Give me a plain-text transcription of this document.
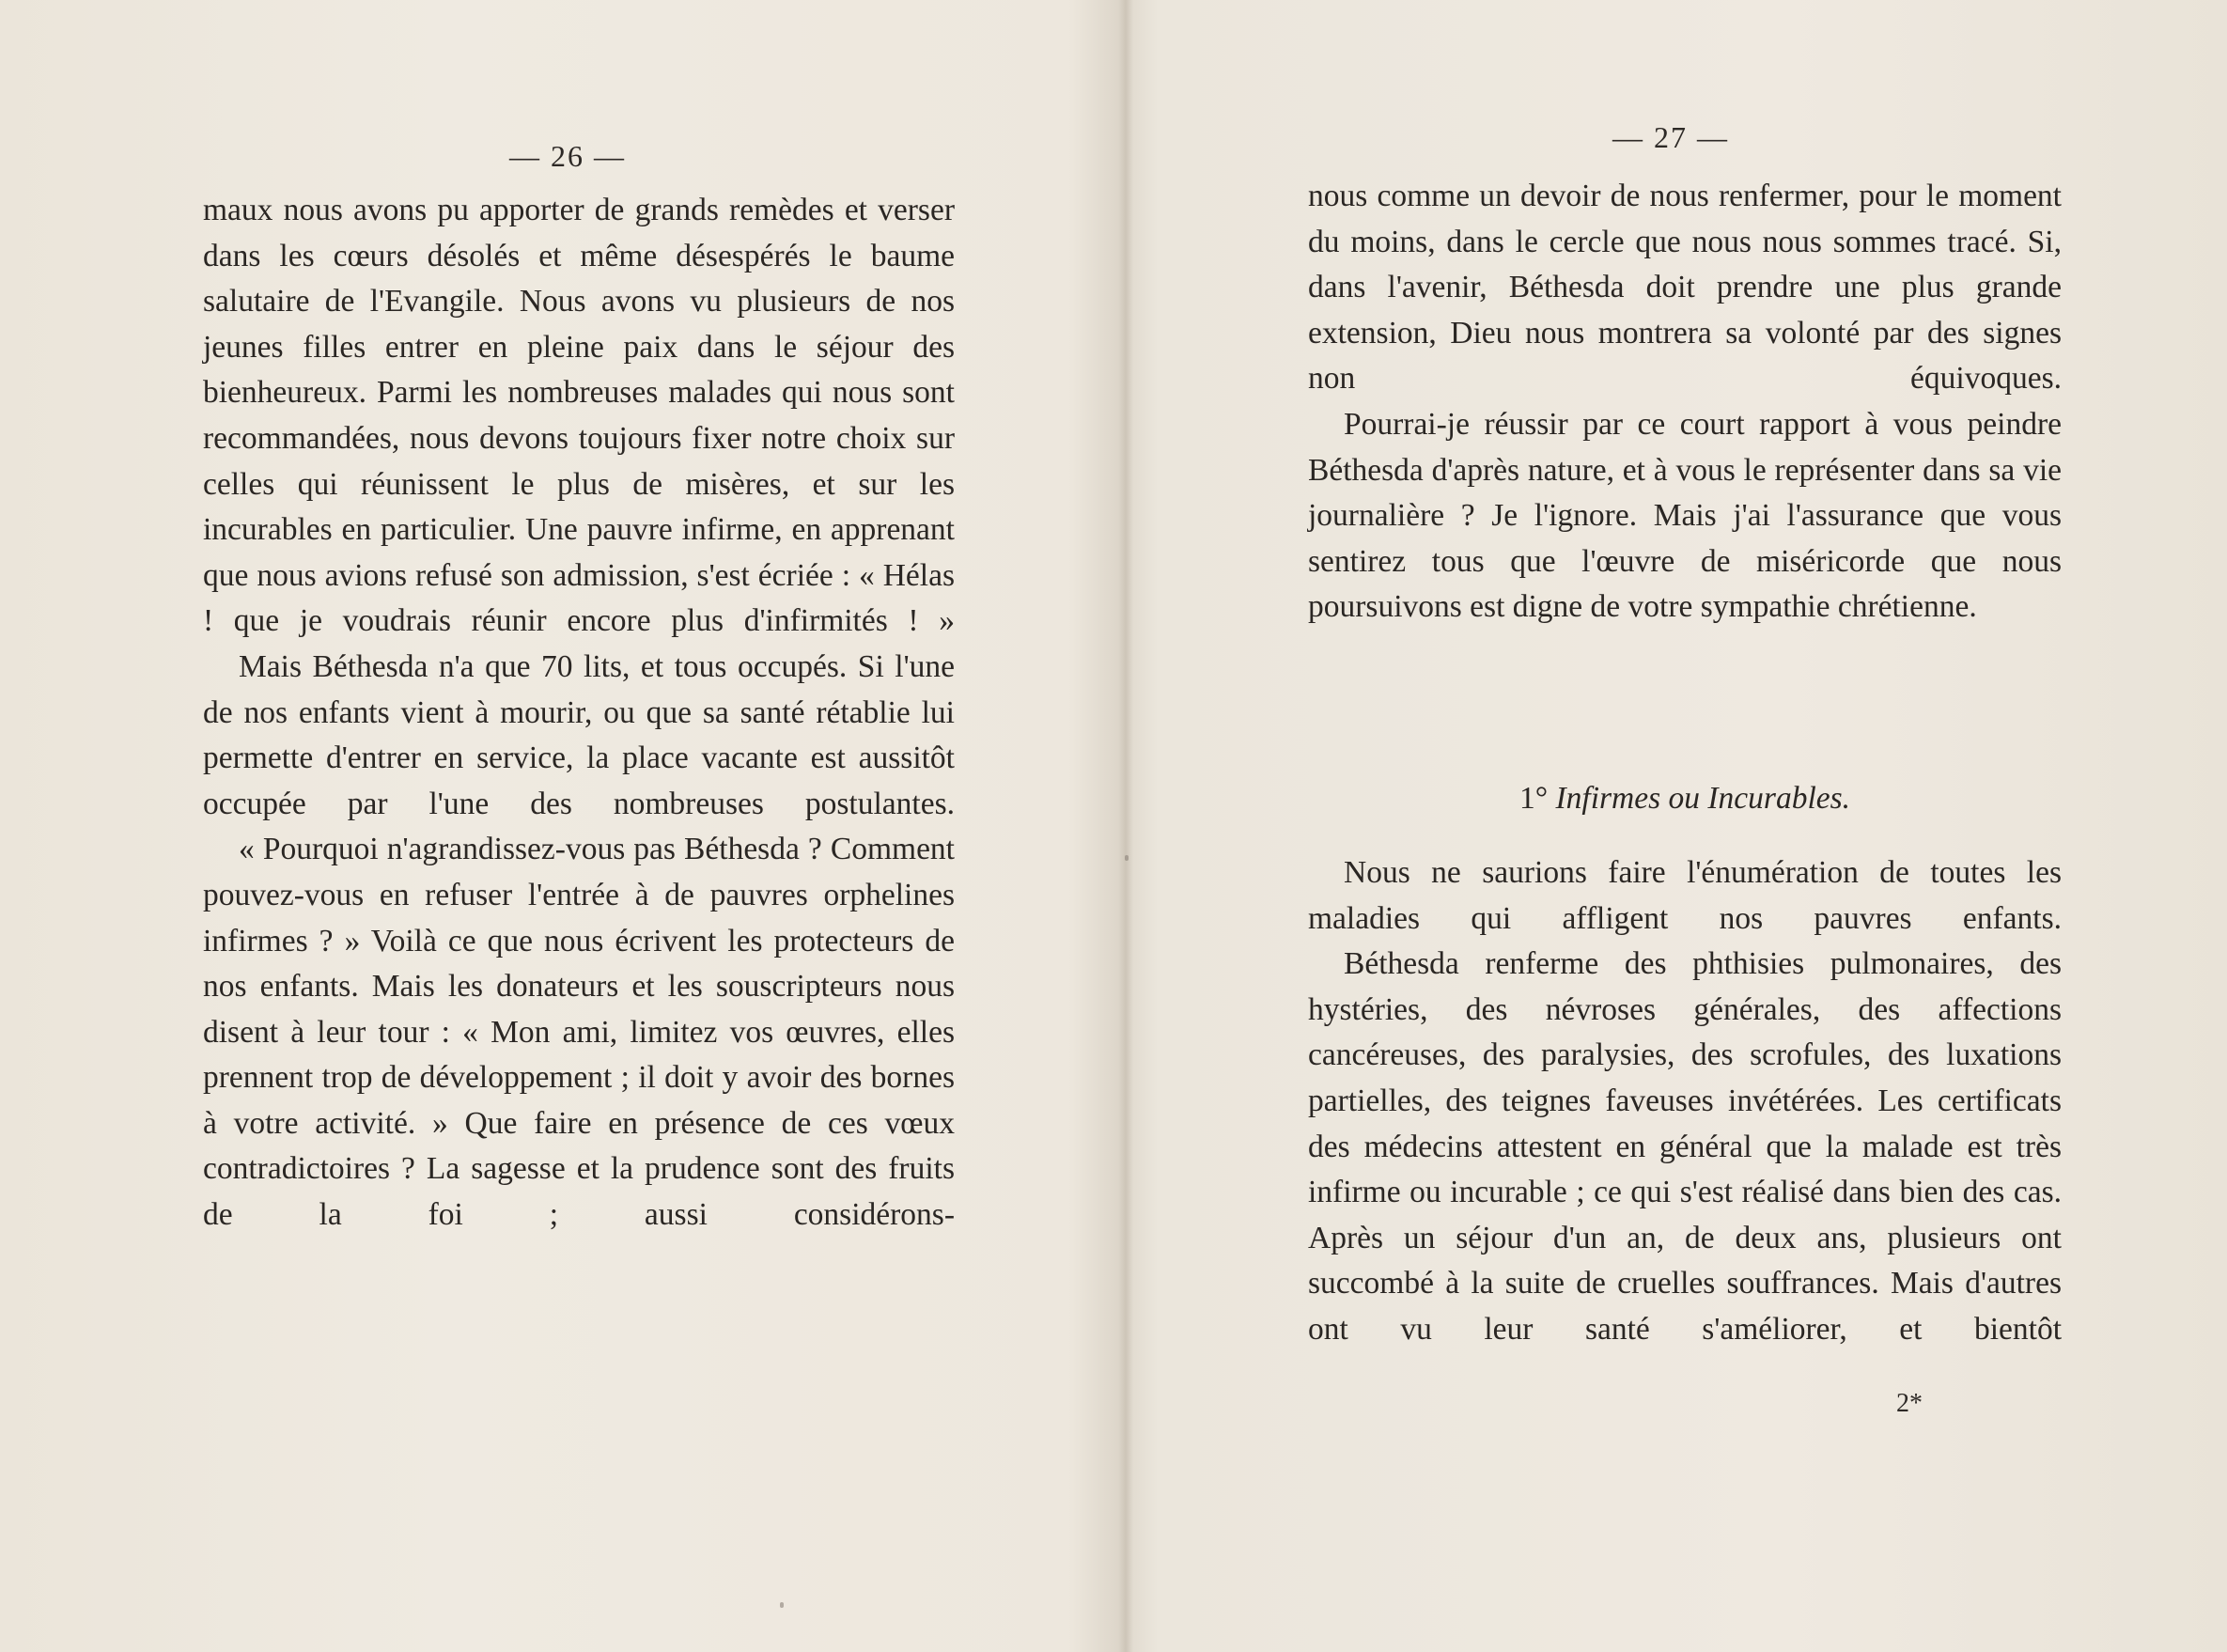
— 26 —

maux nous avons pu apporter de grands remèdes et verser dans les cœurs désolés et même désespérés le baume salutaire de l'Evangile. Nous avons vu plusieurs de nos jeunes filles entrer en pleine paix dans le séjour des bienheureux. Parmi les nombreuses malades qui nous sont recommandées, nous devons toujours fixer notre choix sur celles qui réunissent le plus de misères, et sur les incurables en particulier. Une pauvre infirme, en apprenant que nous avions refusé son admission, s'est écriée : « Hélas ! que je voudrais réunir encore plus d'infirmités ! »

Mais Béthesda n'a que 70 lits, et tous occupés. Si l'une de nos enfants vient à mourir, ou que sa santé rétablie lui permette d'entrer en service, la place vacante est aussitôt occupée par l'une des nombreuses postulantes.

« Pourquoi n'agrandissez-vous pas Béthesda ? Comment pouvez-vous en refuser l'entrée à de pauvres orphelines infirmes ? » Voilà ce que nous écrivent les protecteurs de nos enfants. Mais les donateurs et les souscripteurs nous disent à leur tour : « Mon ami, limitez vos œuvres, elles prennent trop de développement ; il doit y avoir des bornes à votre activité. » Que faire en présence de ces vœux contradictoires ? La sagesse et la prudence sont des fruits de la foi ; aussi considérons-

— 27 —

nous comme un devoir de nous renfermer, pour le moment du moins, dans le cercle que nous nous sommes tracé. Si, dans l'avenir, Béthesda doit prendre une plus grande extension, Dieu nous montrera sa volonté par des signes non équivoques.

Pourrai-je réussir par ce court rapport à vous peindre Béthesda d'après nature, et à vous le représenter dans sa vie journalière ? Je l'ignore. Mais j'ai l'assurance que vous sentirez tous que l'œuvre de miséricorde que nous poursuivons est digne de votre sympathie chrétienne.

1° Infirmes ou Incurables.

Nous ne saurions faire l'énumération de toutes les maladies qui affligent nos pauvres enfants.

Béthesda renferme des phthisies pulmonaires, des hystéries, des névroses générales, des affections cancéreuses, des paralysies, des scrofules, des luxations partielles, des teignes faveuses invétérées. Les certificats des médecins attestent en général que la malade est très infirme ou incurable ; ce qui s'est réalisé dans bien des cas. Après un séjour d'un an, de deux ans, plusieurs ont succombé à la suite de cruelles souffrances. Mais d'autres ont vu leur santé s'améliorer, et bientôt

2*
